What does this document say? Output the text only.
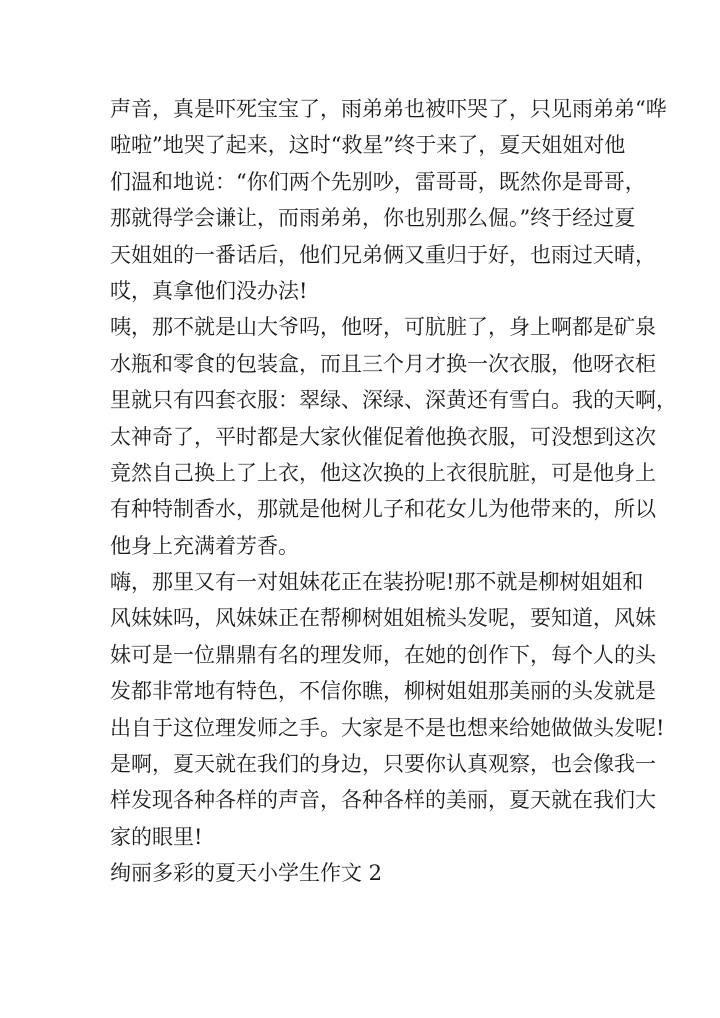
声音，真是吓死宝宝了，雨弟弟也被吓哭了，只见雨弟弟“哗
啦啦”地哭了起来，这时“救星”终于来了，夏天姐姐对他
们温和地说：“你们两个先别吵，雷哥哥，既然你是哥哥，
那就得学会谦让，而雨弟弟，你也别那么倔。”终于经过夏
天姐姐的一番话后，他们兄弟俩又重归于好，也雨过天晴，
哎，真拿他们没办法!
咦，那不就是山大爷吗，他呀，可肮脏了，身上啊都是矿泉
水瓶和零食的包装盒，而且三个月才换一次衣服，他呀衣柜
里就只有四套衣服：翠绿、深绿、深黄还有雪白。我的天啊，
太神奇了，平时都是大家伙催促着他换衣服，可没想到这次
竟然自己换上了上衣，他这次换的上衣很肮脏，可是他身上
有种特制香水，那就是他树儿子和花女儿为他带来的，所以
他身上充满着芳香。
嗨，那里又有一对姐妹花正在装扮呢!那不就是柳树姐姐和
风妹妹吗，风妹妹正在帮柳树姐姐梳头发呢，要知道，风妹
妹可是一位鼎鼎有名的理发师，在她的创作下，每个人的头
发都非常地有特色，不信你瞧，柳树姐姐那美丽的头发就是
出自于这位理发师之手。大家是不是也想来给她做做头发呢!
是啊，夏天就在我们的身边，只要你认真观察，也会像我一
样发现各种各样的声音，各种各样的美丽，夏天就在我们大
家的眼里!
绚丽多彩的夏天小学生作文 2
